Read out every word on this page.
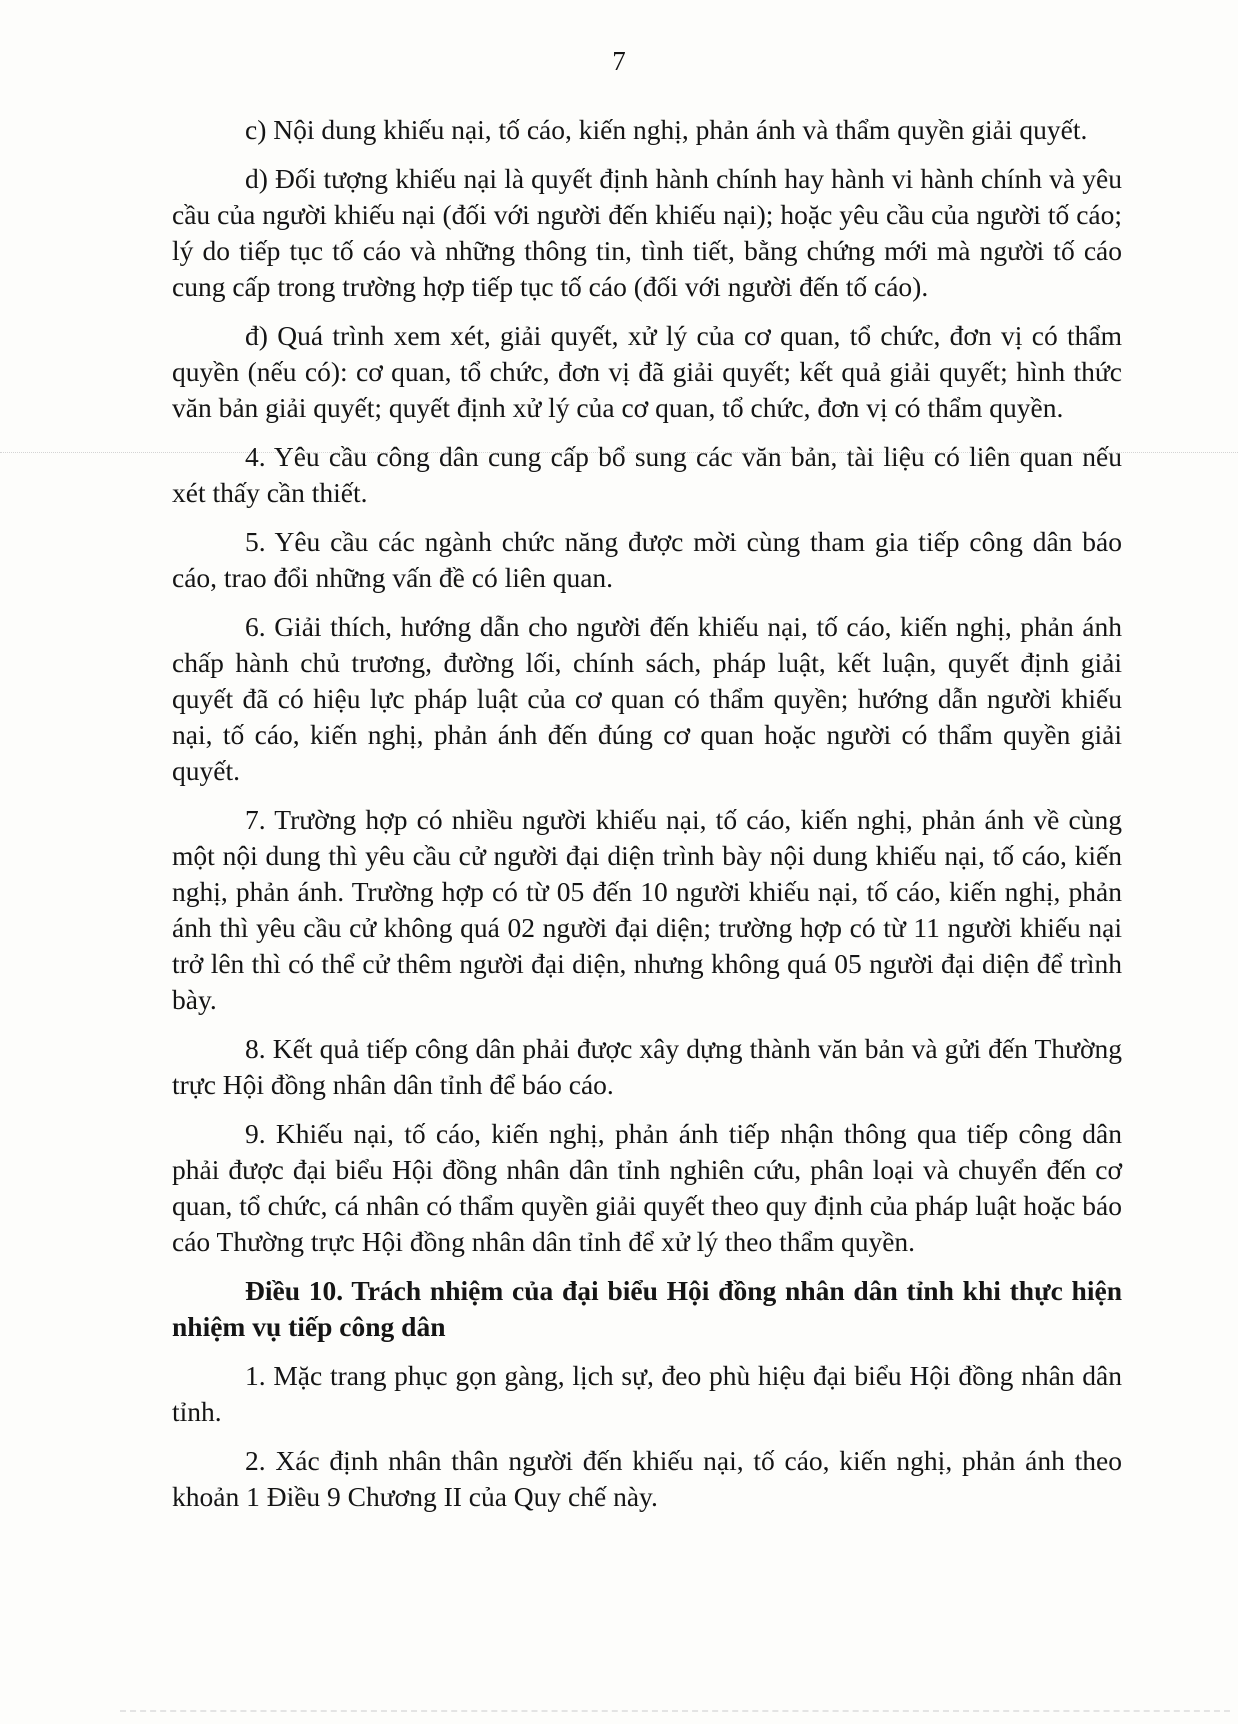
7

c) Nội dung khiếu nại, tố cáo, kiến nghị, phản ánh và thẩm quyền giải quyết.

d) Đối tượng khiếu nại là quyết định hành chính hay hành vi hành chính và yêu cầu của người khiếu nại (đối với người đến khiếu nại); hoặc yêu cầu của người tố cáo; lý do tiếp tục tố cáo và những thông tin, tình tiết, bằng chứng mới mà người tố cáo cung cấp trong trường hợp tiếp tục tố cáo (đối với người đến tố cáo).

đ) Quá trình xem xét, giải quyết, xử lý của cơ quan, tổ chức, đơn vị có thẩm quyền (nếu có): cơ quan, tổ chức, đơn vị đã giải quyết; kết quả giải quyết; hình thức văn bản giải quyết; quyết định xử lý của cơ quan, tổ chức, đơn vị có thẩm quyền.

4. Yêu cầu công dân cung cấp bổ sung các văn bản, tài liệu có liên quan nếu xét thấy cần thiết.

5. Yêu cầu các ngành chức năng được mời cùng tham gia tiếp công dân báo cáo, trao đổi những vấn đề có liên quan.

6. Giải thích, hướng dẫn cho người đến khiếu nại, tố cáo, kiến nghị, phản ánh chấp hành chủ trương, đường lối, chính sách, pháp luật, kết luận, quyết định giải quyết đã có hiệu lực pháp luật của cơ quan có thẩm quyền; hướng dẫn người khiếu nại, tố cáo, kiến nghị, phản ánh đến đúng cơ quan hoặc người có thẩm quyền giải quyết.

7. Trường hợp có nhiều người khiếu nại, tố cáo, kiến nghị, phản ánh về cùng một nội dung thì yêu cầu cử người đại diện trình bày nội dung khiếu nại, tố cáo, kiến nghị, phản ánh. Trường hợp có từ 05 đến 10 người khiếu nại, tố cáo, kiến nghị, phản ánh thì yêu cầu cử không quá 02 người đại diện; trường hợp có từ 11 người khiếu nại trở lên thì có thể cử thêm người đại diện, nhưng không quá 05 người đại diện để trình bày.

8. Kết quả tiếp công dân phải được xây dựng thành văn bản và gửi đến Thường trực Hội đồng nhân dân tỉnh để báo cáo.

9. Khiếu nại, tố cáo, kiến nghị, phản ánh tiếp nhận thông qua tiếp công dân phải được đại biểu Hội đồng nhân dân tỉnh nghiên cứu, phân loại và chuyển đến cơ quan, tổ chức, cá nhân có thẩm quyền giải quyết theo quy định của pháp luật hoặc báo cáo Thường trực Hội đồng nhân dân tỉnh để xử lý theo thẩm quyền.

Điều 10. Trách nhiệm của đại biểu Hội đồng nhân dân tỉnh khi thực hiện nhiệm vụ tiếp công dân

1. Mặc trang phục gọn gàng, lịch sự, đeo phù hiệu đại biểu Hội đồng nhân dân tỉnh.

2. Xác định nhân thân người đến khiếu nại, tố cáo, kiến nghị, phản ánh theo khoản 1 Điều 9 Chương II của Quy chế này.
